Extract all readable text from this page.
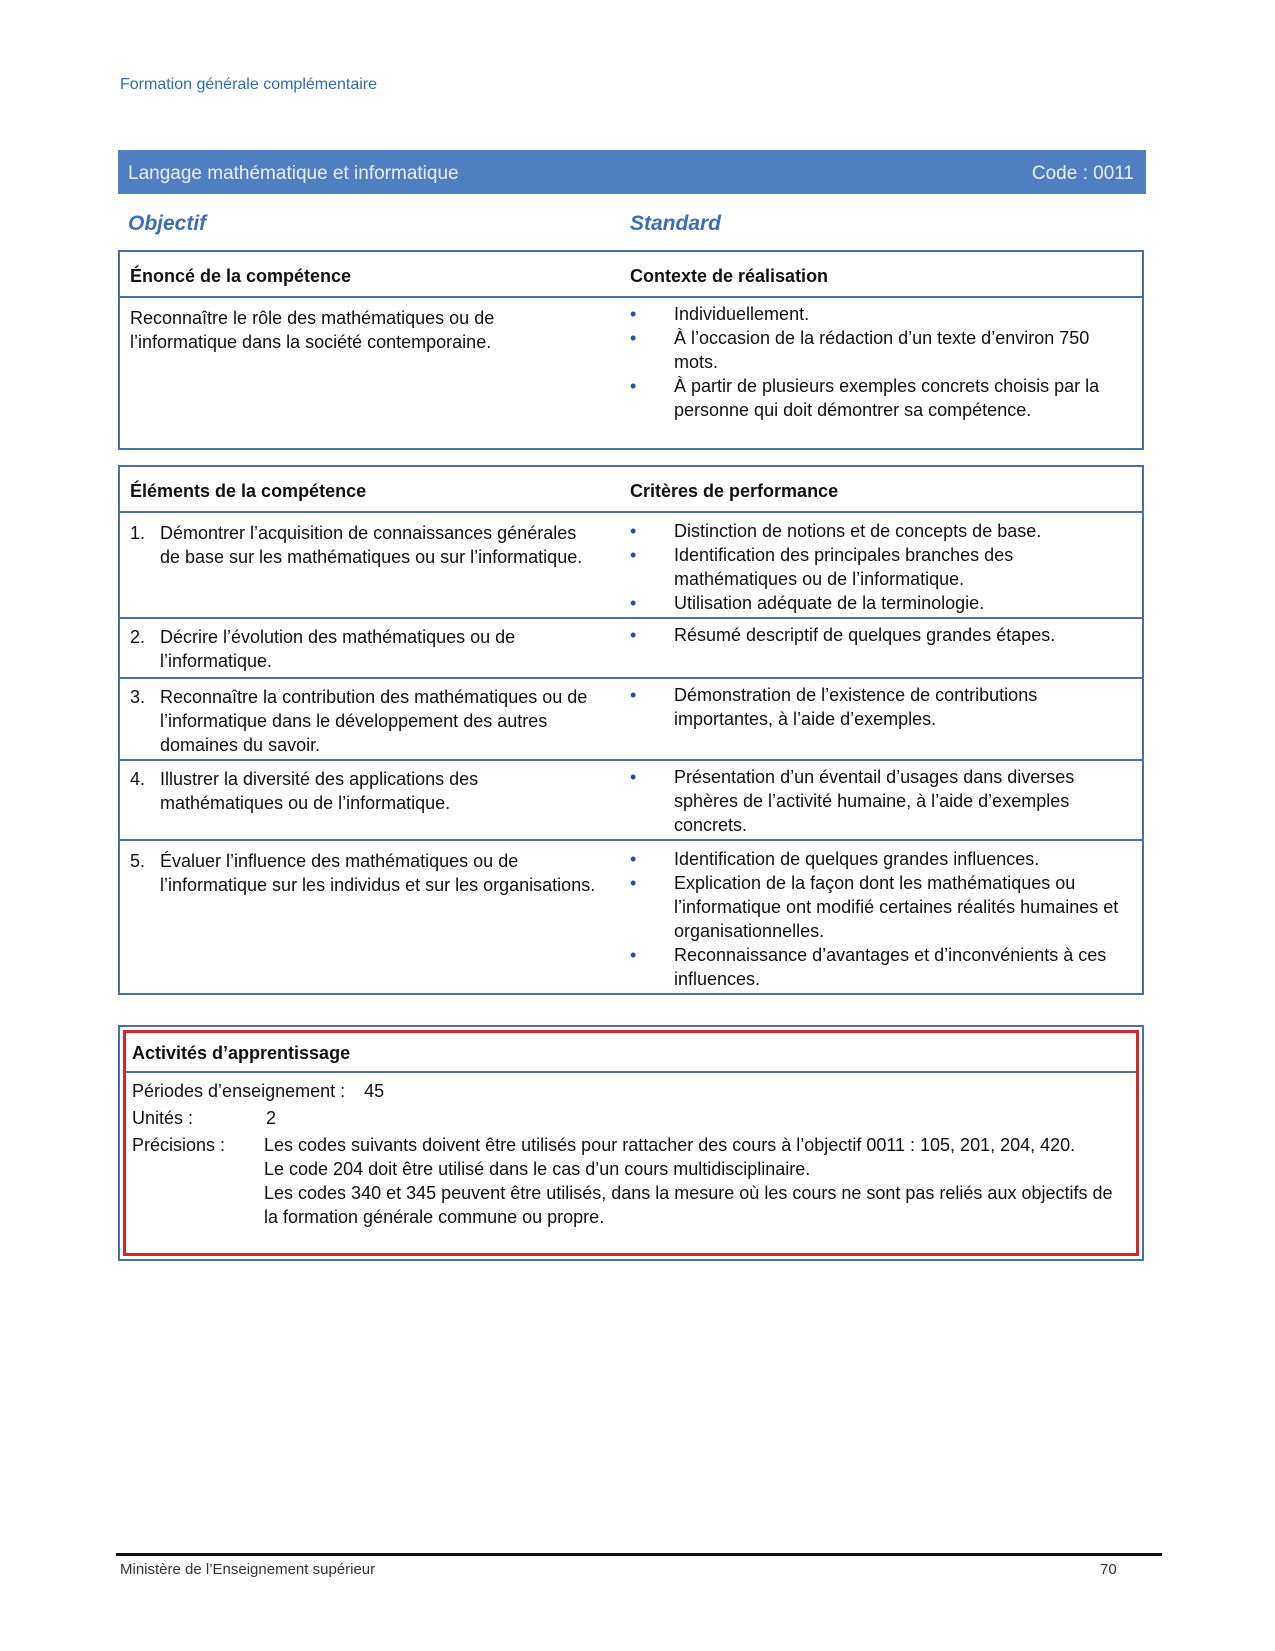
Formation générale complémentaire
Langage mathématique et informatique	Code : 0011
Objectif	Standard
Énoncé de la compétence	Contexte de réalisation
Reconnaître le rôle des mathématiques ou de l’informatique dans la société contemporaine.
• Individuellement.
• À l’occasion de la rédaction d’un texte d’environ 750 mots.
• À partir de plusieurs exemples concrets choisis par la personne qui doit démontrer sa compétence.
Éléments de la compétence	Critères de performance
1. Démontrer l’acquisition de connaissances générales de base sur les mathématiques ou sur l’informatique.
• Distinction de notions et de concepts de base.
• Identification des principales branches des mathématiques ou de l’informatique.
• Utilisation adéquate de la terminologie.
2. Décrire l’évolution des mathématiques ou de l’informatique.
• Résumé descriptif de quelques grandes étapes.
3. Reconnaître la contribution des mathématiques ou de l’informatique dans le développement des autres domaines du savoir.
• Démonstration de l’existence de contributions importantes, à l’aide d’exemples.
4. Illustrer la diversité des applications des mathématiques ou de l’informatique.
• Présentation d’un éventail d’usages dans diverses sphères de l’activité humaine, à l’aide d’exemples concrets.
5. Évaluer l’influence des mathématiques ou de l’informatique sur les individus et sur les organisations.
• Identification de quelques grandes influences.
• Explication de la façon dont les mathématiques ou l’informatique ont modifié certaines réalités humaines et organisationnelles.
• Reconnaissance d’avantages et d’inconvénients à ces influences.
Activités d’apprentissage
Périodes d’enseignement : 45
Unités :	2
Précisions : Les codes suivants doivent être utilisés pour rattacher des cours à l’objectif 0011 : 105, 201, 204, 420.
Le code 204 doit être utilisé dans le cas d’un cours multidisciplinaire.
Les codes 340 et 345 peuvent être utilisés, dans la mesure où les cours ne sont pas reliés aux objectifs de la formation générale commune ou propre.
Ministère de l’Enseignement supérieur	70
